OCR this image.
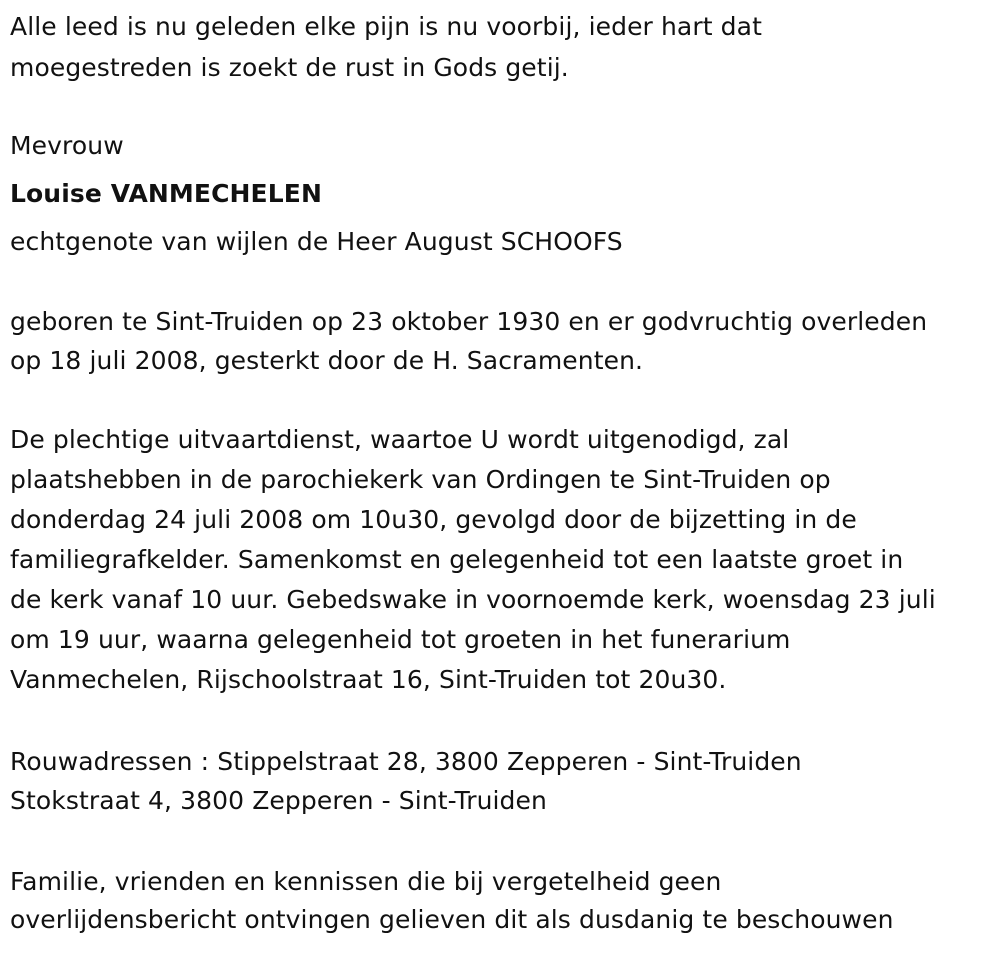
Alle leed is nu geleden elke pijn is nu voorbij, ieder hart dat
moegestreden is zoekt de rust in Gods getij.
Mevrouw
Louise VANMECHELEN
echtgenote van wijlen de Heer August SCHOOFS
geboren te Sint-Truiden op 23 oktober 1930 en er godvruchtig overleden
op 18 juli 2008, gesterkt door de H. Sacramenten.
De plechtige uitvaartdienst, waartoe U wordt uitgenodigd, zal
plaatshebben in de parochiekerk van Ordingen te Sint-Truiden op
donderdag 24 juli 2008 om 10u30, gevolgd door de bijzetting in de
familiegrafkelder. Samenkomst en gelegenheid tot een laatste groet in
de kerk vanaf 10 uur. Gebedswake in voornoemde kerk, woensdag 23 juli
om 19 uur, waarna gelegenheid tot groeten in het funerarium
Vanmechelen, Rijschoolstraat 16, Sint-Truiden tot 20u30.
Rouwadressen : Stippelstraat 28, 3800 Zepperen - Sint-Truiden
Stokstraat 4, 3800 Zepperen - Sint-Truiden
Familie, vrienden en kennissen die bij vergetelheid geen
overlijdensbericht ontvingen gelieven dit als dusdanig te beschouwen
